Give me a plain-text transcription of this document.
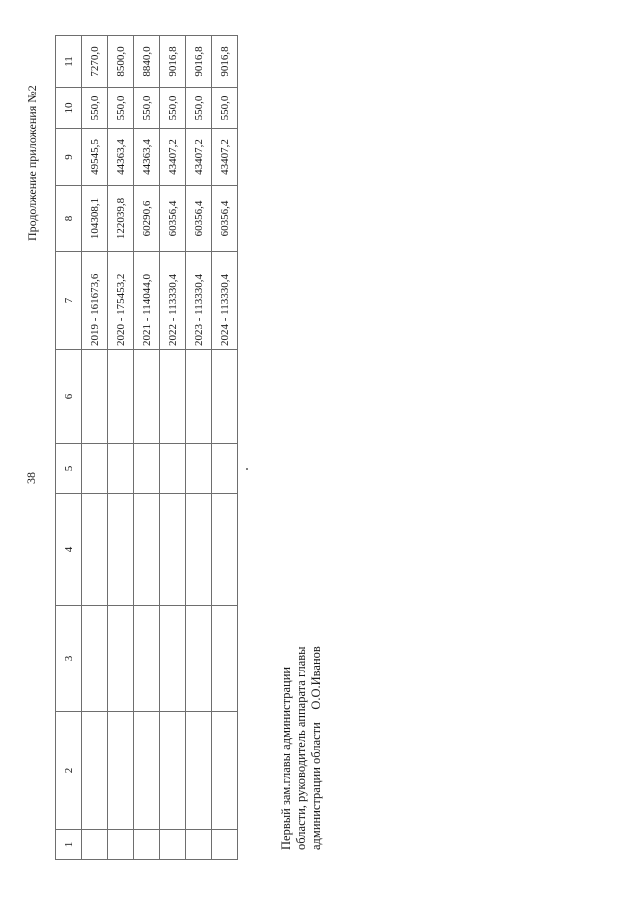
38
Продолжение приложения №2
1	2	3	4	5	6	7	8	9	10	11
						2019 - 161673,6	104308,1	49545,5	550,0	7270,0
						2020 - 175453,2	122039,8	44363,4	550,0	8500,0
						2021 - 114044,0	60290,6	44363,4	550,0	8840,0
						2022 - 113330,4	60356,4	43407,2	550,0	9016,8
						2023 - 113330,4	60356,4	43407,2	550,0	9016,8
						2024 - 113330,4	60356,4	43407,2	550,0	9016,8
Первый зам.главы администрации
области, руководитель аппарата главы
администрации области    О.О.Иванов
